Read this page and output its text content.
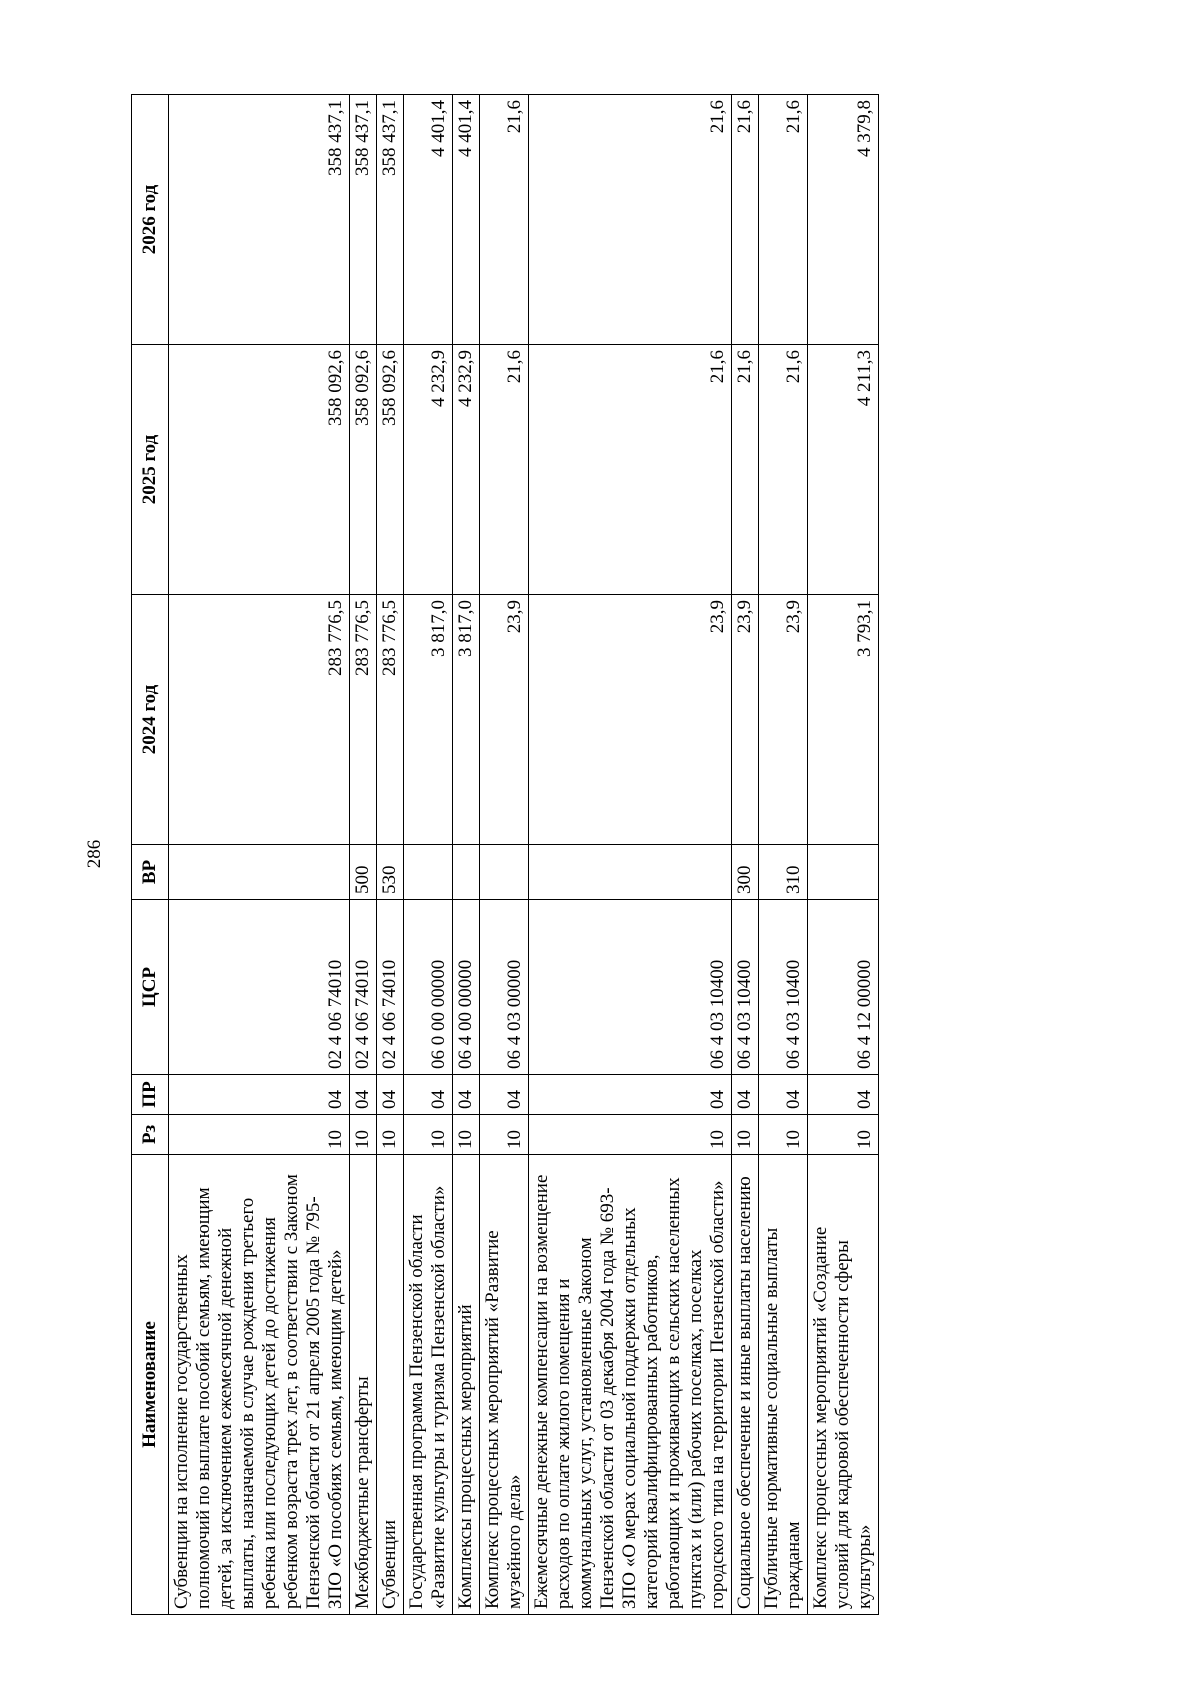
286
Наименование	Рз	ПР	ЦСР	ВР	2024 год	2025 год	2026 год
Субвенции на исполнение государственных полномочий по выплате пособий семьям, имеющим детей, за исключением ежемесячной денежной выплаты, назначаемой в случае рождения третьего ребенка или последующих детей до достижения ребенком возраста трех лет, в соответствии с Законом Пензенской области от 21 апреля 2005 года № 795-ЗПО «О пособиях семьям, имеющим детей»	10	04	02 4 06 74010		283 776,5	358 092,6	358 437,1
Межбюджетные трансферты	10	04	02 4 06 74010	500	283 776,5	358 092,6	358 437,1
Субвенции	10	04	02 4 06 74010	530	283 776,5	358 092,6	358 437,1
Государственная программа Пензенской области «Развитие культуры и туризма Пензенской области»	10	04	06 0 00 00000		3 817,0	4 232,9	4 401,4
Комплексы процессных мероприятий	10	04	06 4 00 00000		3 817,0	4 232,9	4 401,4
Комплекс процессных мероприятий «Развитие музейного дела»	10	04	06 4 03 00000		23,9	21,6	21,6
Ежемесячные денежные компенсации на возмещение расходов по оплате жилого помещения и коммунальных услуг, установленные Законом Пензенской области от 03 декабря 2004 года № 693-ЗПО «О мерах социальной поддержки отдельных категорий квалифицированных работников, работающих и проживающих в сельских населенных пунктах и (или) рабочих поселках, поселках городского типа на территории Пензенской области»	10	04	06 4 03 10400		23,9	21,6	21,6
Социальное обеспечение и иные выплаты населению	10	04	06 4 03 10400	300	23,9	21,6	21,6
Публичные нормативные социальные выплаты гражданам	10	04	06 4 03 10400	310	23,9	21,6	21,6
Комплекс процессных мероприятий «Создание условий для кадровой обеспеченности сферы культуры»	10	04	06 4 12 00000		3 793,1	4 211,3	4 379,8
